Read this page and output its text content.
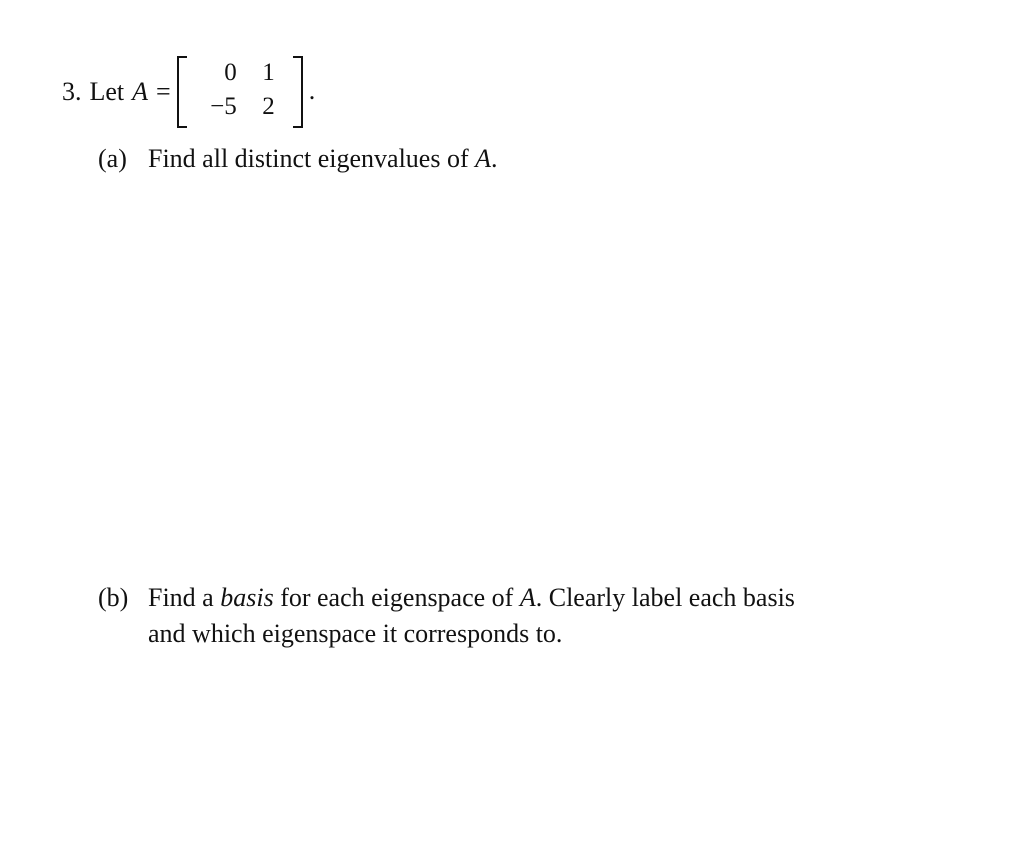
3. Let A =
0	1
−5	2
.
(a) Find all distinct eigenvalues of A.
(b) Find a basis for each eigenspace of A. Clearly label each basis
and which eigenspace it corresponds to.
